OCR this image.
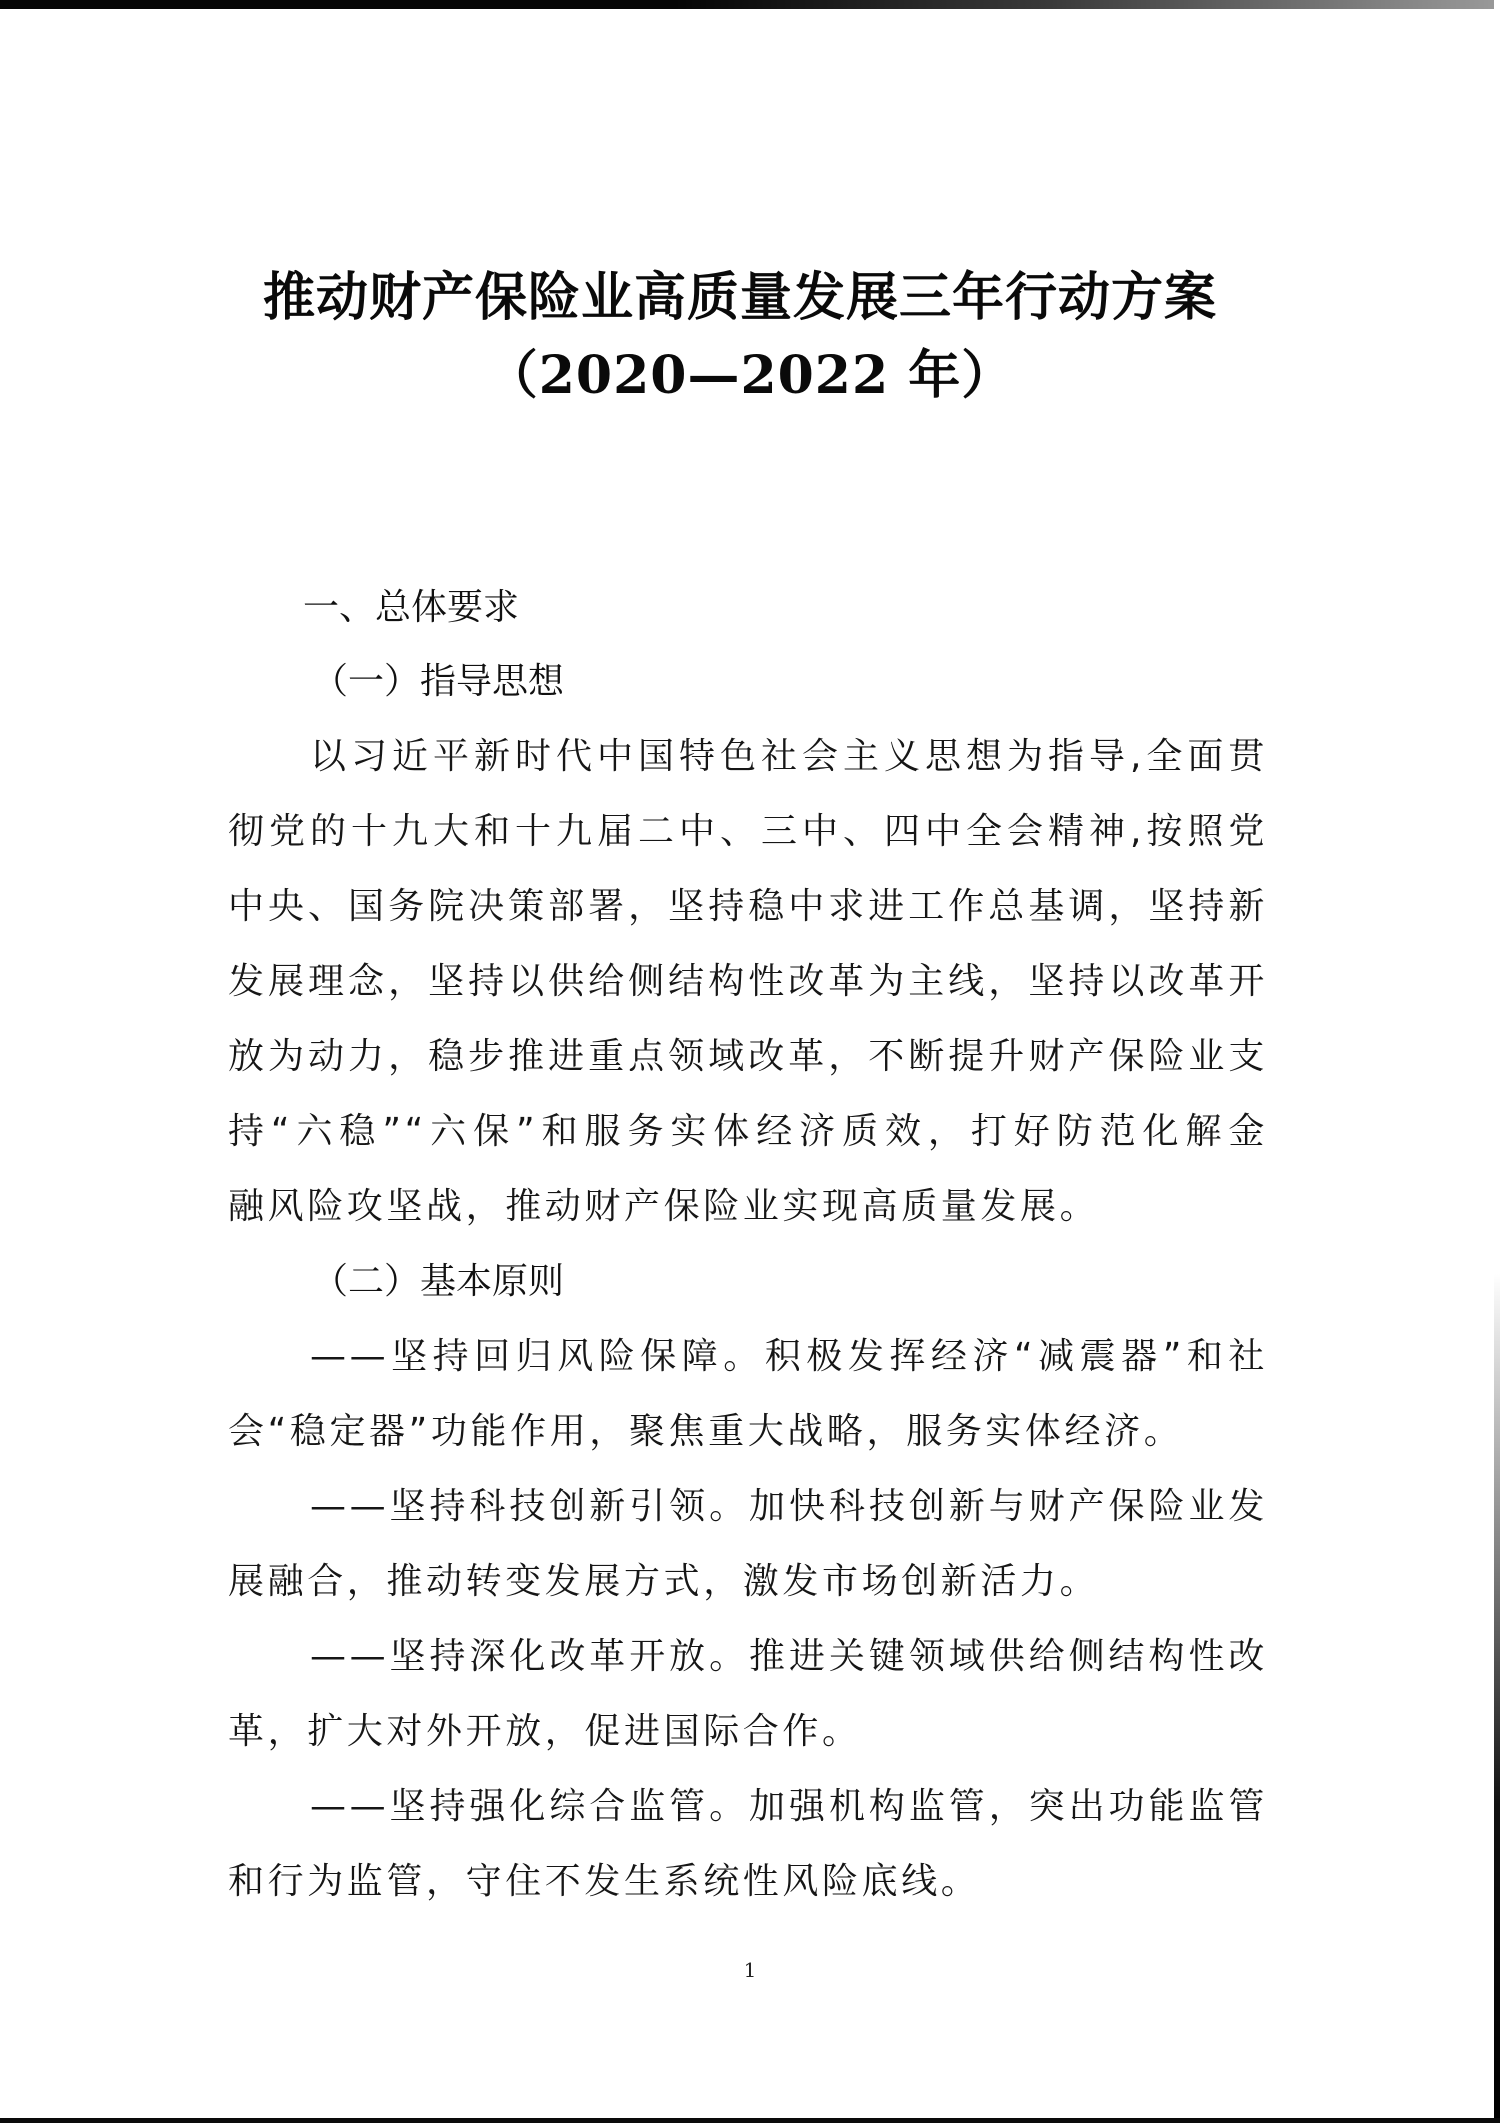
推动财产保险业高质量发展三年行动方案
（2020—2022 年）
一、总体要求
（一）指导思想
以习近平新时代中国特色社会主义思想为指导,全面贯
彻党的十九大和十九届二中、三中、四中全会精神,按照党
中央、国务院决策部署，坚持稳中求进工作总基调，坚持新
发展理念，坚持以供给侧结构性改革为主线，坚持以改革开
放为动力，稳步推进重点领域改革，不断提升财产保险业支
持“六稳”“六保”和服务实体经济质效，打好防范化解金
融风险攻坚战，推动财产保险业实现高质量发展。
（二）基本原则
——坚持回归风险保障。积极发挥经济“减震器”和社
会“稳定器”功能作用，聚焦重大战略，服务实体经济。
——坚持科技创新引领。加快科技创新与财产保险业发
展融合，推动转变发展方式，激发市场创新活力。
——坚持深化改革开放。推进关键领域供给侧结构性改
革，扩大对外开放，促进国际合作。
——坚持强化综合监管。加强机构监管，突出功能监管
和行为监管，守住不发生系统性风险底线。
1
